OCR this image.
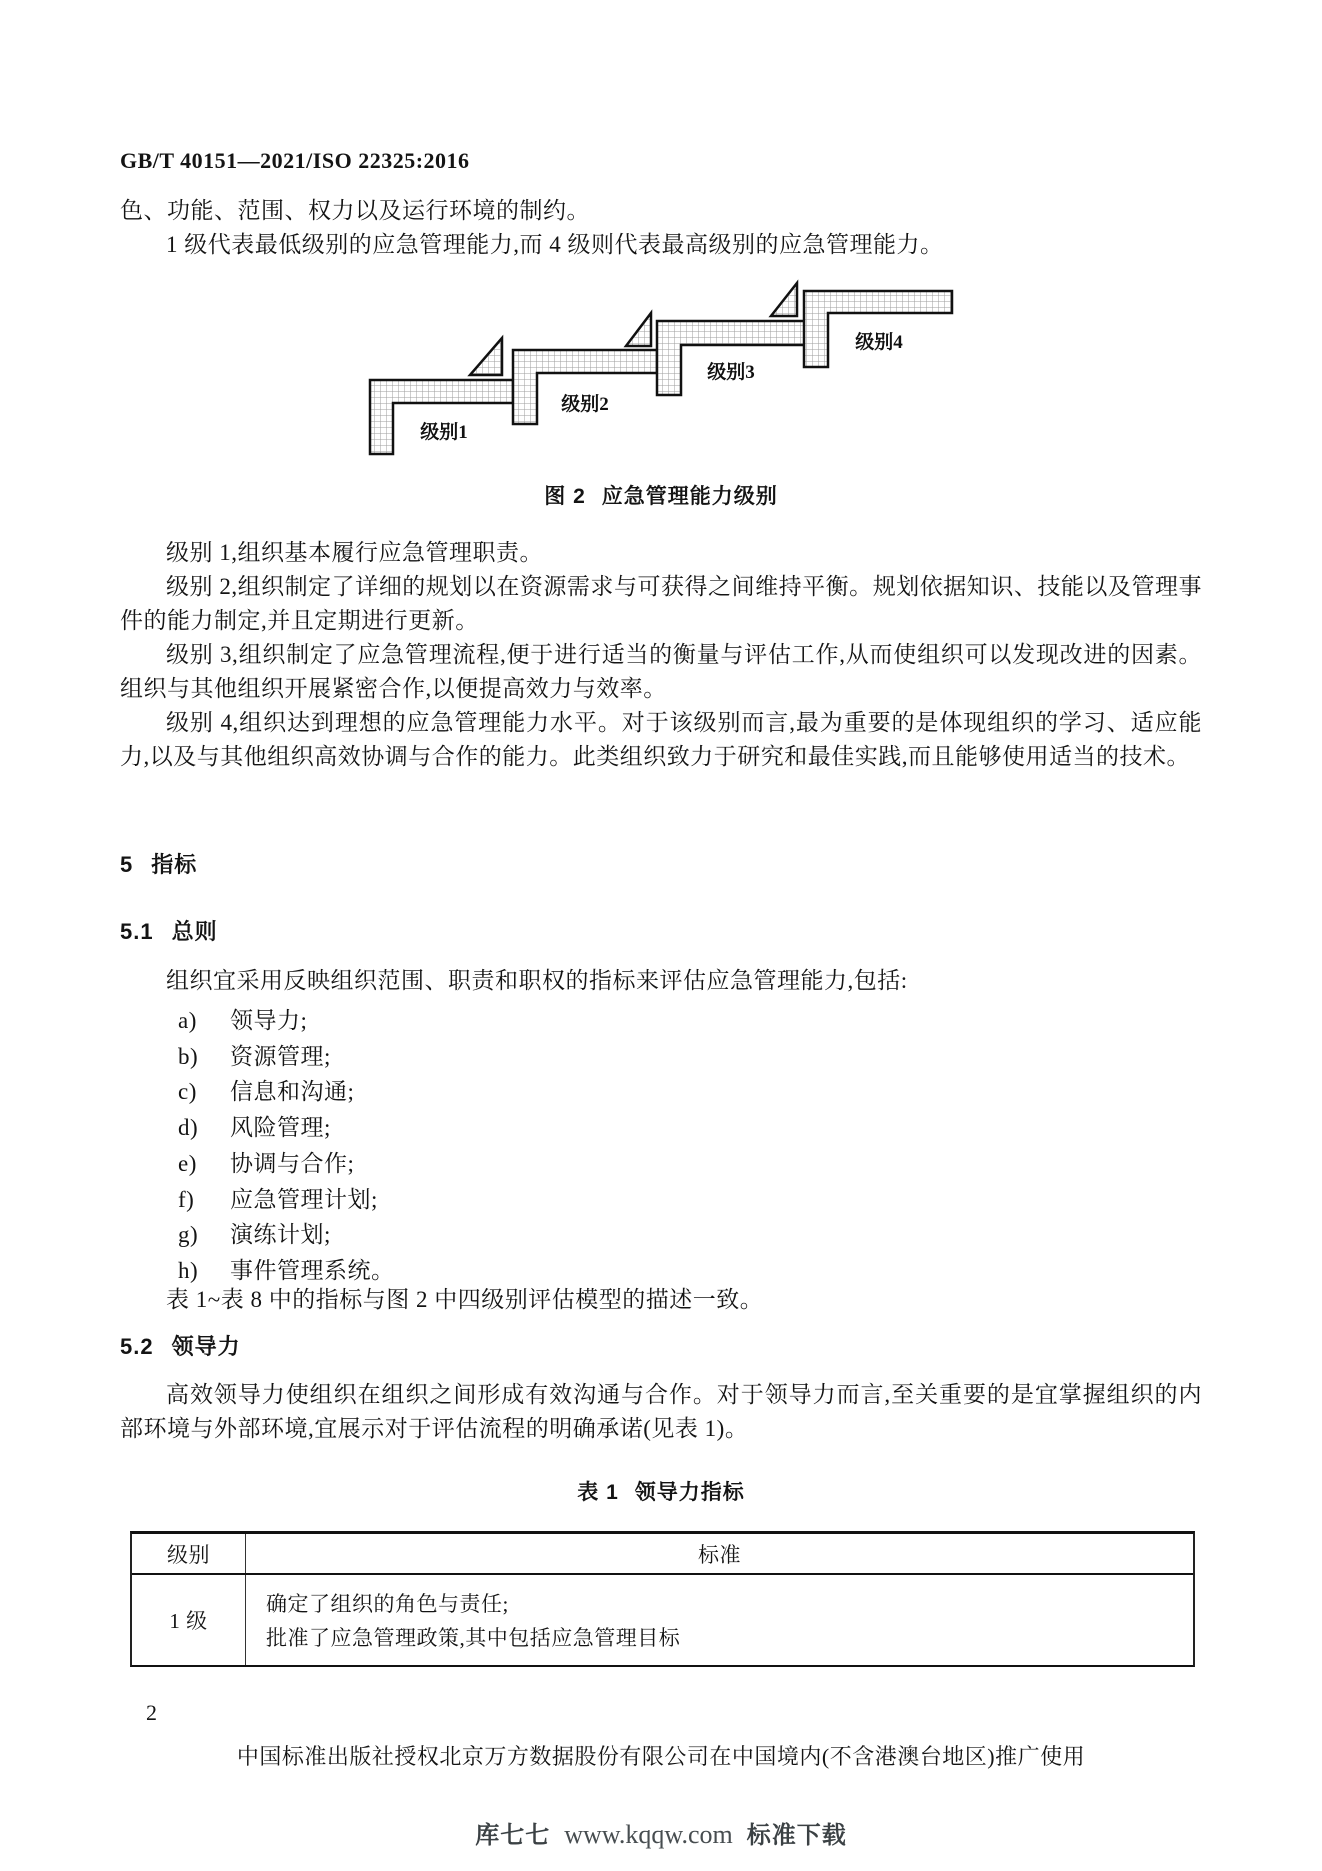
GB/T 40151—2021/ISO 22325:2016
色、功能、范围、权力以及运行环境的制约。
1 级代表最低级别的应急管理能力,而 4 级则代表最高级别的应急管理能力。
级别1
级别2
级别3
级别4
图 2 应急管理能力级别
级别 1,组织基本履行应急管理职责。
级别 2,组织制定了详细的规划以在资源需求与可获得之间维持平衡。规划依据知识、技能以及管理事件的能力制定,并且定期进行更新。
级别 3,组织制定了应急管理流程,便于进行适当的衡量与评估工作,从而使组织可以发现改进的因素。组织与其他组织开展紧密合作,以便提高效力与效率。
级别 4,组织达到理想的应急管理能力水平。对于该级别而言,最为重要的是体现组织的学习、适应能力,以及与其他组织高效协调与合作的能力。此类组织致力于研究和最佳实践,而且能够使用适当的技术。
5 指标
5.1 总则
组织宜采用反映组织范围、职责和职权的指标来评估应急管理能力,包括:
a) 领导力;
b) 资源管理;
c) 信息和沟通;
d) 风险管理;
e) 协调与合作;
f) 应急管理计划;
g) 演练计划;
h) 事件管理系统。
表 1~表 8 中的指标与图 2 中四级别评估模型的描述一致。
5.2 领导力
高效领导力使组织在组织之间形成有效沟通与合作。对于领导力而言,至关重要的是宜掌握组织的内部环境与外部环境,宜展示对于评估流程的明确承诺(见表 1)。
表 1 领导力指标
级别	标准
1 级
确定了组织的角色与责任;
批准了应急管理政策,其中包括应急管理目标
2
中国标准出版社授权北京万方数据股份有限公司在中国境内(不含港澳台地区)推广使用
库七七 www.kqqw.com 标准下载
